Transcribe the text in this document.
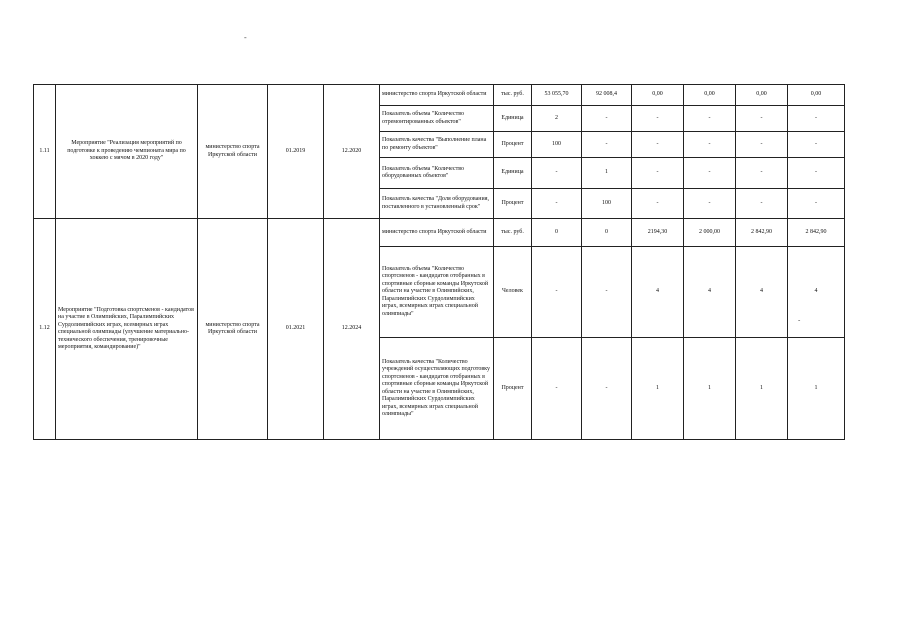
-
1.11	Мероприятие "Реализация мероприятий по подготовке к проведению чемпионата мира по хоккею с мячом в 2020 году"	министерство спорта Иркутской области	01.2019	12.2020	министерство спорта Иркутской области	тыс. руб.	53 055,70	92 008,4	0,00	0,00	0,00	0,00
					Показатель объема "Количество отремонтированных объектов"	Единица	2	-	-	-	-	-
					Показатель качества "Выполнение плана по ремонту объектов"	Процент	100	-	-	-	-	-
					Показатель объема "Количество оборудованных объектов"	Единица	-	1	-	-	-	-
					Показатель качества "Доля оборудования, поставленного в установленный срок"	Процент	-	100	-	-	-	-
1.12	Мероприятие "Подготовка спортсменов - кандидатов на участие в Олимпийских, Паралимпийских Сурдолимпийских играх, всемирных играх специальной олимпиады (улучшение материально-технического обеспечения, тренировочные мероприятия, командирование)"	министерство спорта Иркутской области	01.2021	12.2024	министерство спорта Иркутской области	тыс. руб.	0	0	2194,30	2 000,00	2 842,90	2 842,90
					Показатель объема "Количество спортсменов - кандидатов отобранных в спортивные сборные команды Иркутской области на участие в Олимпийских, Паралимпийских Сурдолимпийских играх, всемирных играх специальной олимпиады"	Человек	-	-	4	4	4	4
					Показатель качества "Количество учреждений осуществляющих подготовку спортсменов - кандидатов отобранных в спортивные сборные команды Иркутской области на участие в Олимпийских, Паралимпийских Сурдолимпийских играх, всемирных играх специальной олимпиады"	Процент	-	-	1	1	1	1
-
